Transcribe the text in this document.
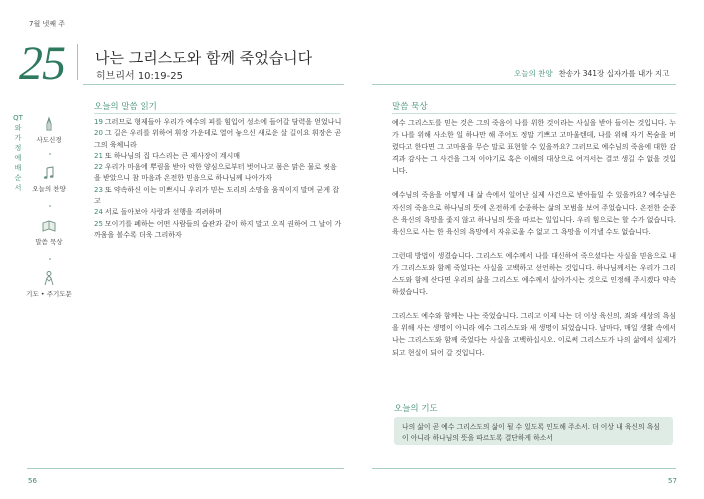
7월 넷째 주
25 나는 그리스도와 함께 죽었습니다
히브리서 10:19-25	오늘의 찬양 찬송가 341장 십자가를 내가 지고
QT와 가정예배 순서
사도신경
오늘의 찬양
말씀 묵상
기도 • 주기도문
오늘의 말씀 읽기

19 그러므로 형제들아 우리가 예수의 피를 힘입어 성소에 들어갈 담력을 얻었나니

20 그 길은 우리를 위하여 휘장 가운데로 열어 놓으신 새로운 살 길이요 휘장은 곧 그의 육체니라

21 또 하나님의 집 다스리는 큰 제사장이 계시매

22 우리가 마음에 뿌림을 받아 악한 양심으로부터 벗어나고 몸은 맑은 물로 씻음을 받았으니 참 마음과 온전한 믿음으로 하나님께 나아가자

23 또 약속하신 이는 미쁘시니 우리가 믿는 도리의 소망을 움직이지 말며 굳게 잡고

24 서로 돌아보아 사랑과 선행을 격려하며

25 모이기를 폐하는 어떤 사람들의 습관과 같이 하지 말고 오직 권하여 그 날이 가까움을 볼수록 더욱 그리하자

말씀 묵상

예수 그리스도를 믿는 것은 그의 죽음이 나를 위한 것이라는 사실을 받아 들이는 것입니다. 누가 나를 위해 사소한 일 하나만 해 주어도 정말 기쁘고 고마울텐데, 나를 위해 자기 목숨을 버렸다고 한다면 그 고마움을 무슨 말로 표현할 수 있을까요? 그러므로 예수님의 죽음에 대한 감격과 감사는 그 사건을 그저 이야기로 혹은 이해의 대상으로 여겨서는 결코 생길 수 없을 것입니다.

예수님의 죽음을 어떻게 내 삶 속에서 일어난 실제 사건으로 받아들일 수 있을까요? 예수님은 자신의 죽음으로 하나님의 뜻에 온전하게 순종하는 삶의 모범을 보여 주었습니다. 온전한 순종은 육신의 욕망을 좇지 않고 하나님의 뜻을 따르는 일입니다. 우리 힘으로는 할 수가 없습니다. 육신으로 사는 한 육신의 욕망에서 자유로울 수 없고 그 욕망을 이겨낼 수도 없습니다.

그런데 방법이 생겼습니다. 그리스도 예수께서 나를 대신하여 죽으셨다는 사실을 믿음으로 내가 그리스도와 함께 죽었다는 사실을 고백하고 선언하는 것입니다. 하나님께서는 우리가 그리스도와 함께 산다면 우리의 삶을 그리스도 예수께서 살아가시는 것으로 인정해 주시겠다 약속하셨습니다.

그리스도 예수와 함께는 나는 죽었습니다. 그리고 이제 나는 더 이상 육신의, 죄와 세상의 욕심을 위해 사는 생명이 아니라 예수 그리스도와 새 생명이 되었습니다. 날마다, 매일 생활 속에서 나는 그리스도와 함께 죽었다는 사실을 고백하십시오. 이로써 그리스도가 나의 삶에서 실제가 되고 현실이 되어 갈 것입니다.

오늘의 기도
나의 삶이 곧 예수 그리스도의 삶이 될 수 있도록 인도해 주소서. 더 이상 내 육신의 욕심이 아니라 하나님의 뜻을 따르도록 결단하게 하소서
56	57
